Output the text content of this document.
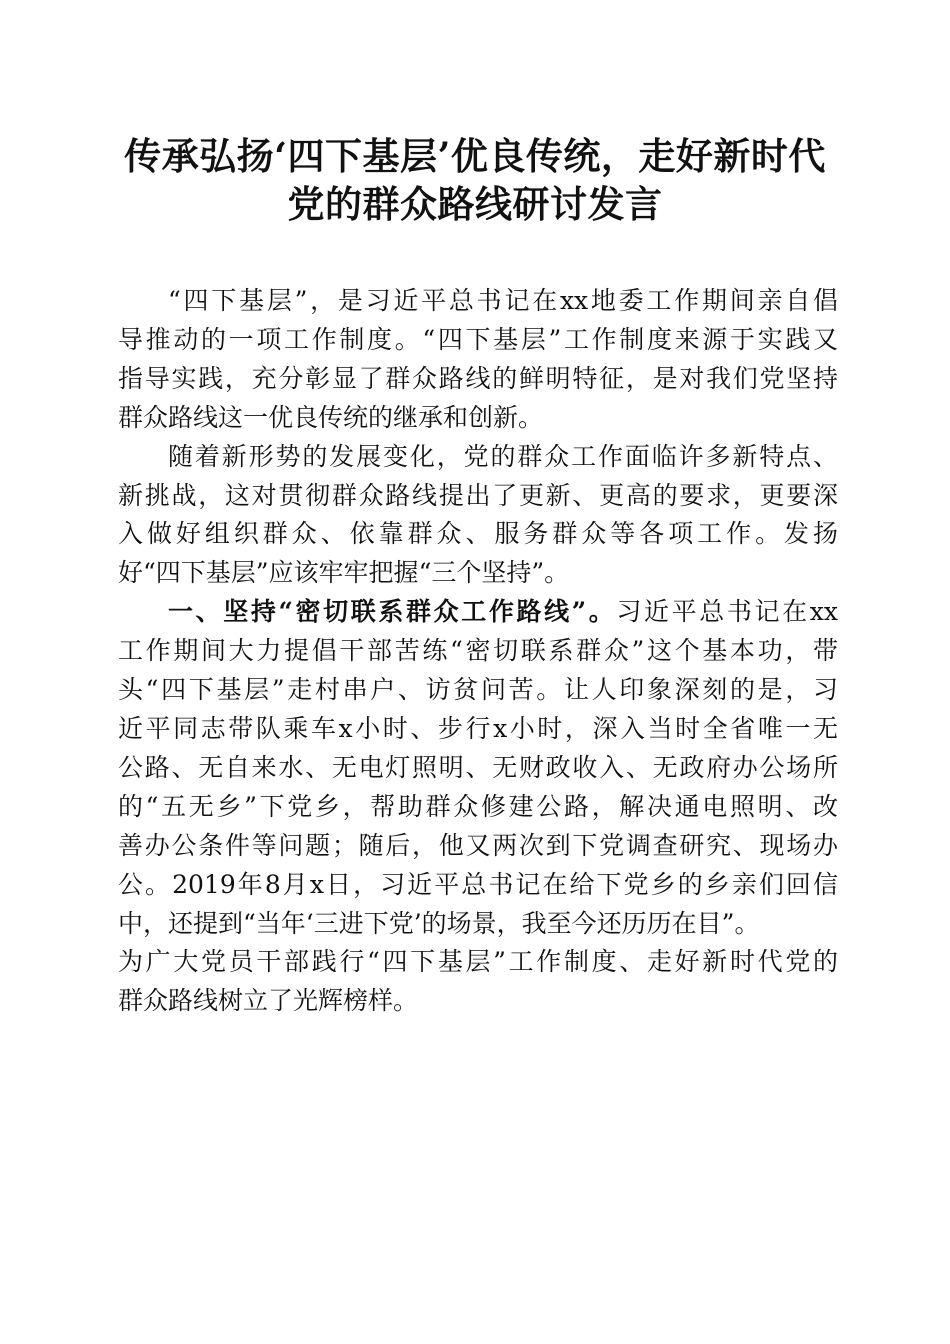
传承弘扬‘四下基层’优良传统，走好新时代
党的群众路线研讨发言

“四下基层”，是习近平总书记在xx地委工作期间亲自倡
导推动的一项工作制度。“四下基层”工作制度来源于实践又
指导实践，充分彰显了群众路线的鲜明特征，是对我们党坚持
群众路线这一优良传统的继承和创新。

随着新形势的发展变化，党的群众工作面临许多新特点、
新挑战，这对贯彻群众路线提出了更新、更高的要求，更要深
入做好组织群众、依靠群众、服务群众等各项工作。发扬
好“四下基层”应该牢牢把握“三个坚持”。

一、坚持“密切联系群众工作路线”。习近平总书记在xx
工作期间大力提倡干部苦练“密切联系群众”这个基本功，带
头“四下基层”走村串户、访贫问苦。让人印象深刻的是，习
近平同志带队乘车x小时、步行x小时，深入当时全省唯一无
公路、无自来水、无电灯照明、无财政收入、无政府办公场所
的“五无乡”下党乡，帮助群众修建公路，解决通电照明、改
善办公条件等问题；随后，他又两次到下党调查研究、现场办
公。2019年8月x日，习近平总书记在给下党乡的乡亲们回信
中，还提到“当年‘三进下党’的场景，我至今还历历在目”。
为广大党员干部践行“四下基层”工作制度、走好新时代党的
群众路线树立了光辉榜样。
